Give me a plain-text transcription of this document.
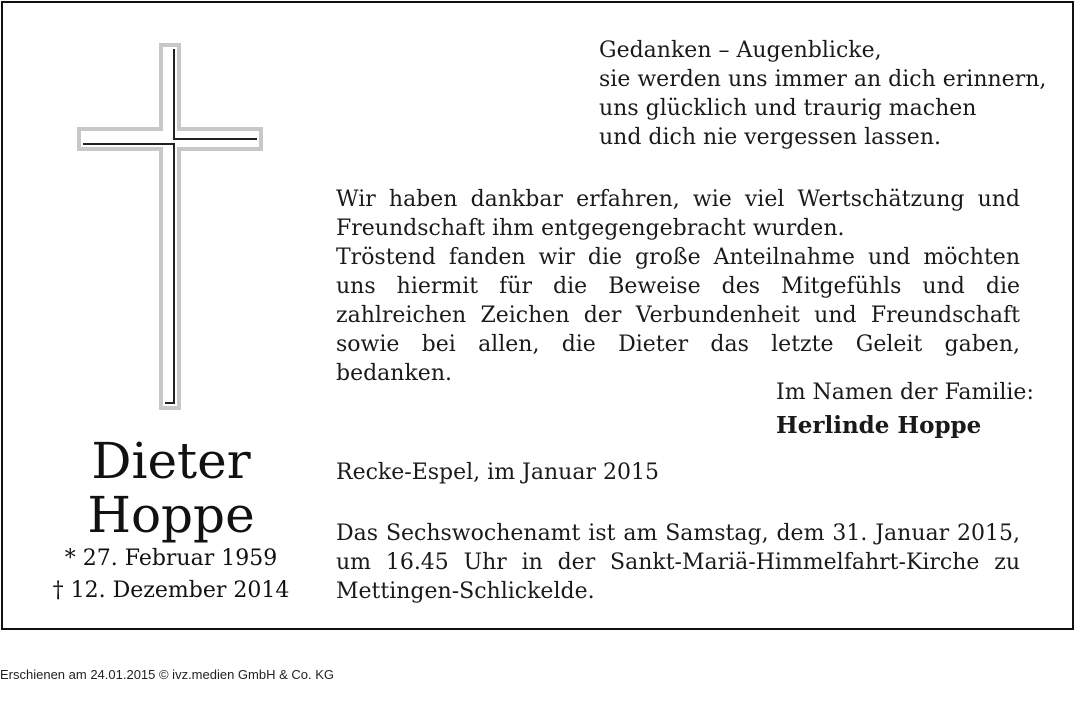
Dieter
Hoppe
* 27. Februar 1959
† 12. Dezember 2014
Gedanken – Augenblicke,
sie werden uns immer an dich erinnern,
uns glücklich und traurig machen
und dich nie vergessen lassen.

Wir haben dankbar erfahren, wie viel Wertschätzung und Freundschaft ihm entgegengebracht wurden.

Tröstend fanden wir die große Anteilnahme und möchten uns hiermit für die Beweise des Mitgefühls und die zahlreichen Zeichen der Verbundenheit und Freundschaft sowie bei allen, die Dieter das letzte Geleit gaben, bedanken.

Im Namen der Familie:
Herlinde Hoppe
Recke-Espel, im Januar 2015

Das Sechswochenamt ist am Samstag, dem 31. Januar 2015, um 16.45 Uhr in der Sankt-Mariä-Himmelfahrt-Kirche zu Mettingen-Schlickelde.

Erschienen am 24.01.2015 © ivz.medien GmbH & Co. KG
